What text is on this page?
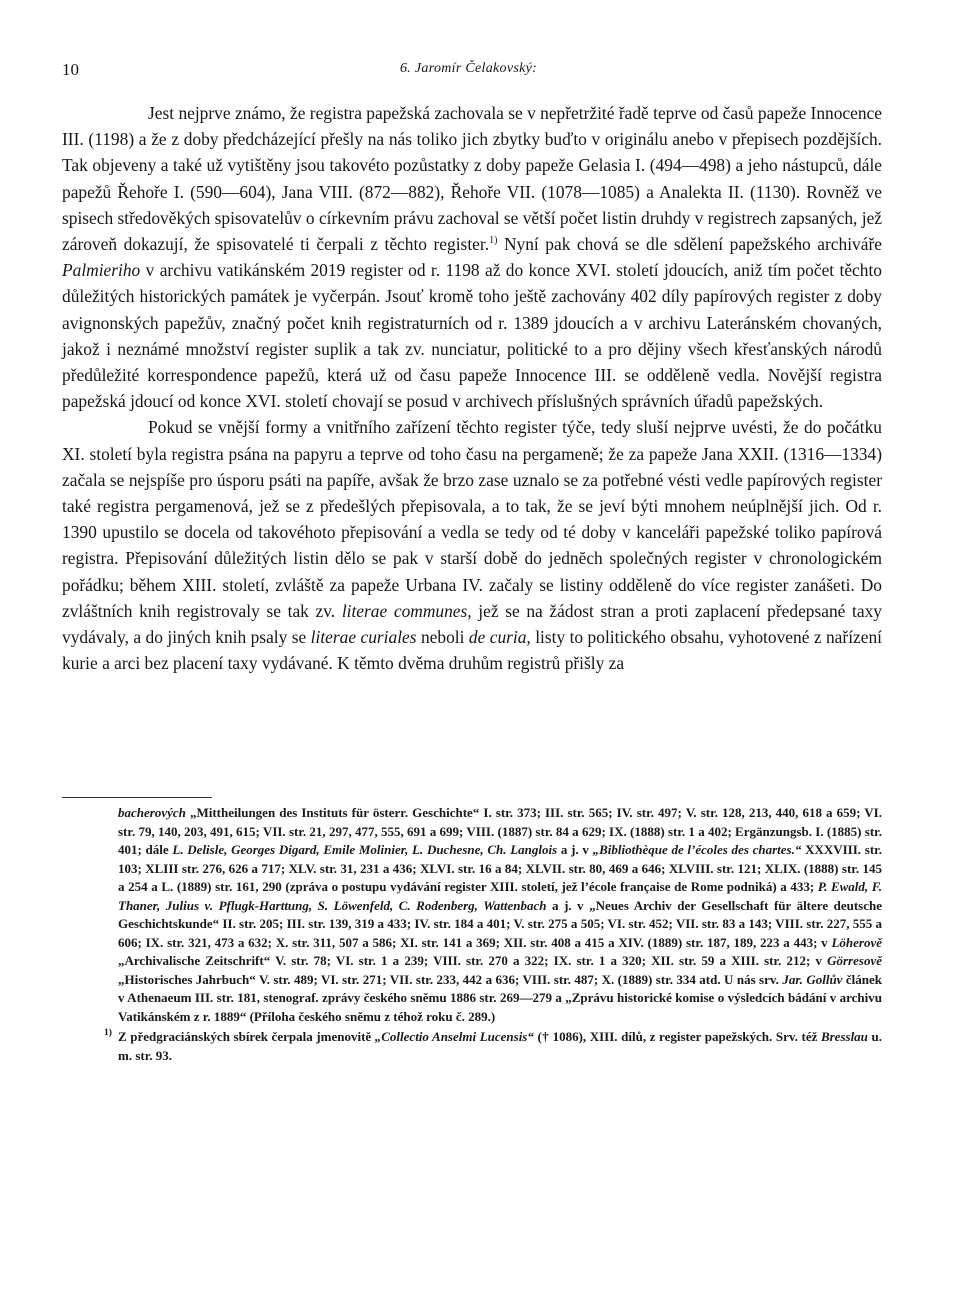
10	6. Jaromír Čelakovský:

Jest nejprve známo, že registra papežská zachovala se v nepřetržité řadě teprve od časů papeže Innocence III. (1198) a že z doby předcházející přešly na nás toliko jich zbytky buďto v originálu anebo v přepisech pozdějších. Tak objeveny a také už vytištěny jsou takovéto pozůstatky z doby papeže Gelasia I. (494—498) a jeho nástupců, dále papežů Řehoře I. (590—604), Jana VIII. (872—882), Řehoře VII. (1078—1085) a Analekta II. (1130). Rovněž ve spisech středověkých spisovatelův o církevním právu zachoval se větší počet listin druhdy v registrech zapsaných, jež zároveň dokazují, že spisovatelé ti čerpali z těchto register.$^{1)}$ Nyní pak chová se dle sdělení papežského archiváře Palmieriho v archivu vatikánském 2019 register od r. 1198 až do konce XVI. století jdoucích, aniž tím počet těchto důležitých historických památek je vyčerpán. Jsouť kromě toho ještě zachovány 402 díly papírových register z doby avignonských papežův, značný počet knih registraturních od r. 1389 jdoucích a v archivu Lateránském chovaných, jakož i neznámé množství register suplik a tak zv. nunciatur, politické to a pro dějiny všech křesťanských národů předůležité korrespondence papežů, která už od času papeže Innocence III. se odděleně vedla. Novější registra papežská jdoucí od konce XVI. století chovají se posud v archivech příslušných správních úřadů papežských.

Pokud se vnější formy a vnitřního zařízení těchto register týče, tedy sluší nejprve uvésti, že do počátku XI. století byla registra psána na papyru a teprve od toho času na pergameně; že za papeže Jana XXII. (1316—1334) začala se nejspíše pro úsporu psáti na papíře, avšak že brzo zase uznalo se za potřebné vésti vedle papírových register také registra pergamenová, jež se z předešlých přepisovala, a to tak, že se jeví býti mnohem neúplnější jich. Od r. 1390 upustilo se docela od takovéhoto přepisování a vedla se tedy od té doby v kanceláři papežské toliko papírová registra. Přepisování důležitých listin dělo se pak v starší době do jednĕch společných register v chronologickém pořádku; během XIII. století, zvláště za papeže Urbana IV. začaly se listiny odděleně do více register zanášeti. Do zvláštních knih registrovaly se tak zv. literae communes, jež se na žádost stran a proti zaplacení předepsané taxy vydávaly, a do jiných knih psaly se literae curiales neboli de curia, listy to politického obsahu, vyhotovené z nařízení kurie a arci bez placení taxy vydávané. K těmto dvěma druhům registrů přišly za

bacherových „Mittheilungen des Instituts für österr. Geschichte“ I. str. 373; III. str. 565; IV. str. 497; V. str. 128, 213, 440, 618 a 659; VI. str. 79, 140, 203, 491, 615; VII. str. 21, 297, 477, 555, 691 a 699; VIII. (1887) str. 84 a 629; IX. (1888) str. 1 a 402; Ergänzungsb. I. (1885) str. 401; dále L. Delisle, Georges Digard, Emile Molinier, L. Duchesne, Ch. Langlois a j. v „Bibliothèque de l’écoles des chartes.“ XXXVIII. str. 103; XLIII str. 276, 626 a 717; XLV. str. 31, 231 a 436; XLVI. str. 16 a 84; XLVII. str. 80, 469 a 646; XLVIII. str. 121; XLIX. (1888) str. 145 a 254 a L. (1889) str. 161, 290 (zpráva o postupu vydávání register XIII. století, jež l’école française de Rome podniká) a 433; P. Ewald, F. Thaner, Julius v. Pflugk-Harttung, S. Löwenfeld, C. Rodenberg, Wattenbach a j. v „Neues Archiv der Gesellschaft für ältere deutsche Geschichtskunde“ II. str. 205; III. str. 139, 319 a 433; IV. str. 184 a 401; V. str. 275 a 505; VI. str. 452; VII. str. 83 a 143; VIII. str. 227, 555 a 606; IX. str. 321, 473 a 632; X. str. 311, 507 a 586; XI. str. 141 a 369; XII. str. 408 a 415 a XIV. (1889) str. 187, 189, 223 a 443; v Löherově „Archivalische Zeitschrift“ V. str. 78; VI. str. 1 a 239; VIII. str. 270 a 322; IX. str. 1 a 320; XII. str. 59 a XIII. str. 212; v Görresově „Historisches Jahrbuch“ V. str. 489; VI. str. 271; VII. str. 233, 442 a 636; VIII. str. 487; X. (1889) str. 334 atd. U nás srv. Jar. Gollův článek v Athenaeum III. str. 181, stenograf. zprávy českého sněmu 1886 str. 269—279 a „Zprávu historické komise o výsledcích bádání v archivu Vatikánském z r. 1889“ (Příloha českého sněmu z téhož roku č. 289.)

1) Z předgraciánských sbírek čerpala jmenovitě „Collectio Anselmi Lucensis“ († 1086), XIII. dílů, z register papežských. Srv. též Bresslau u. m. str. 93.
